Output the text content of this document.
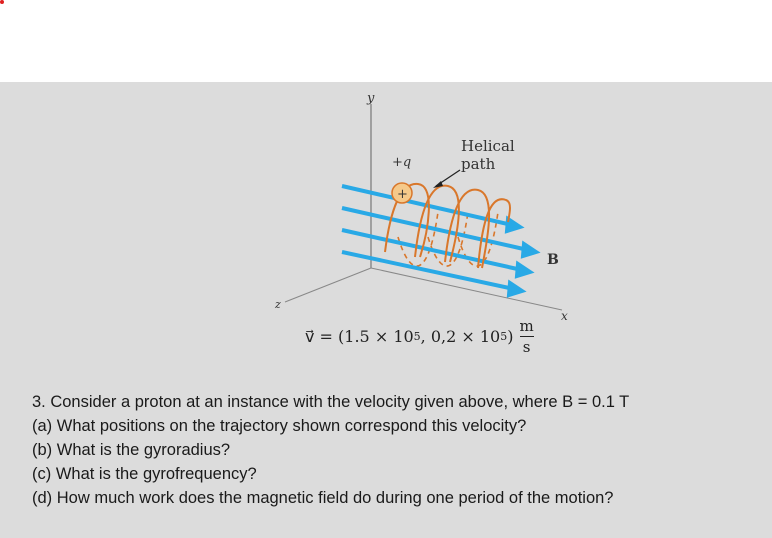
y
x
z
+
+q
Helical
path
B
v⃗ = (1.5 × 10 5 , 0,2 × 10 5 ) $\frac{m}{s}$
3. Consider a proton at an instance with the velocity given above, where B = 0.1 T
(a) What positions on the trajectory shown correspond this velocity?
(b) What is the gyroradius?
(c) What is the gyrofrequency?
(d) How much work does the magnetic field do during one period of the motion?
